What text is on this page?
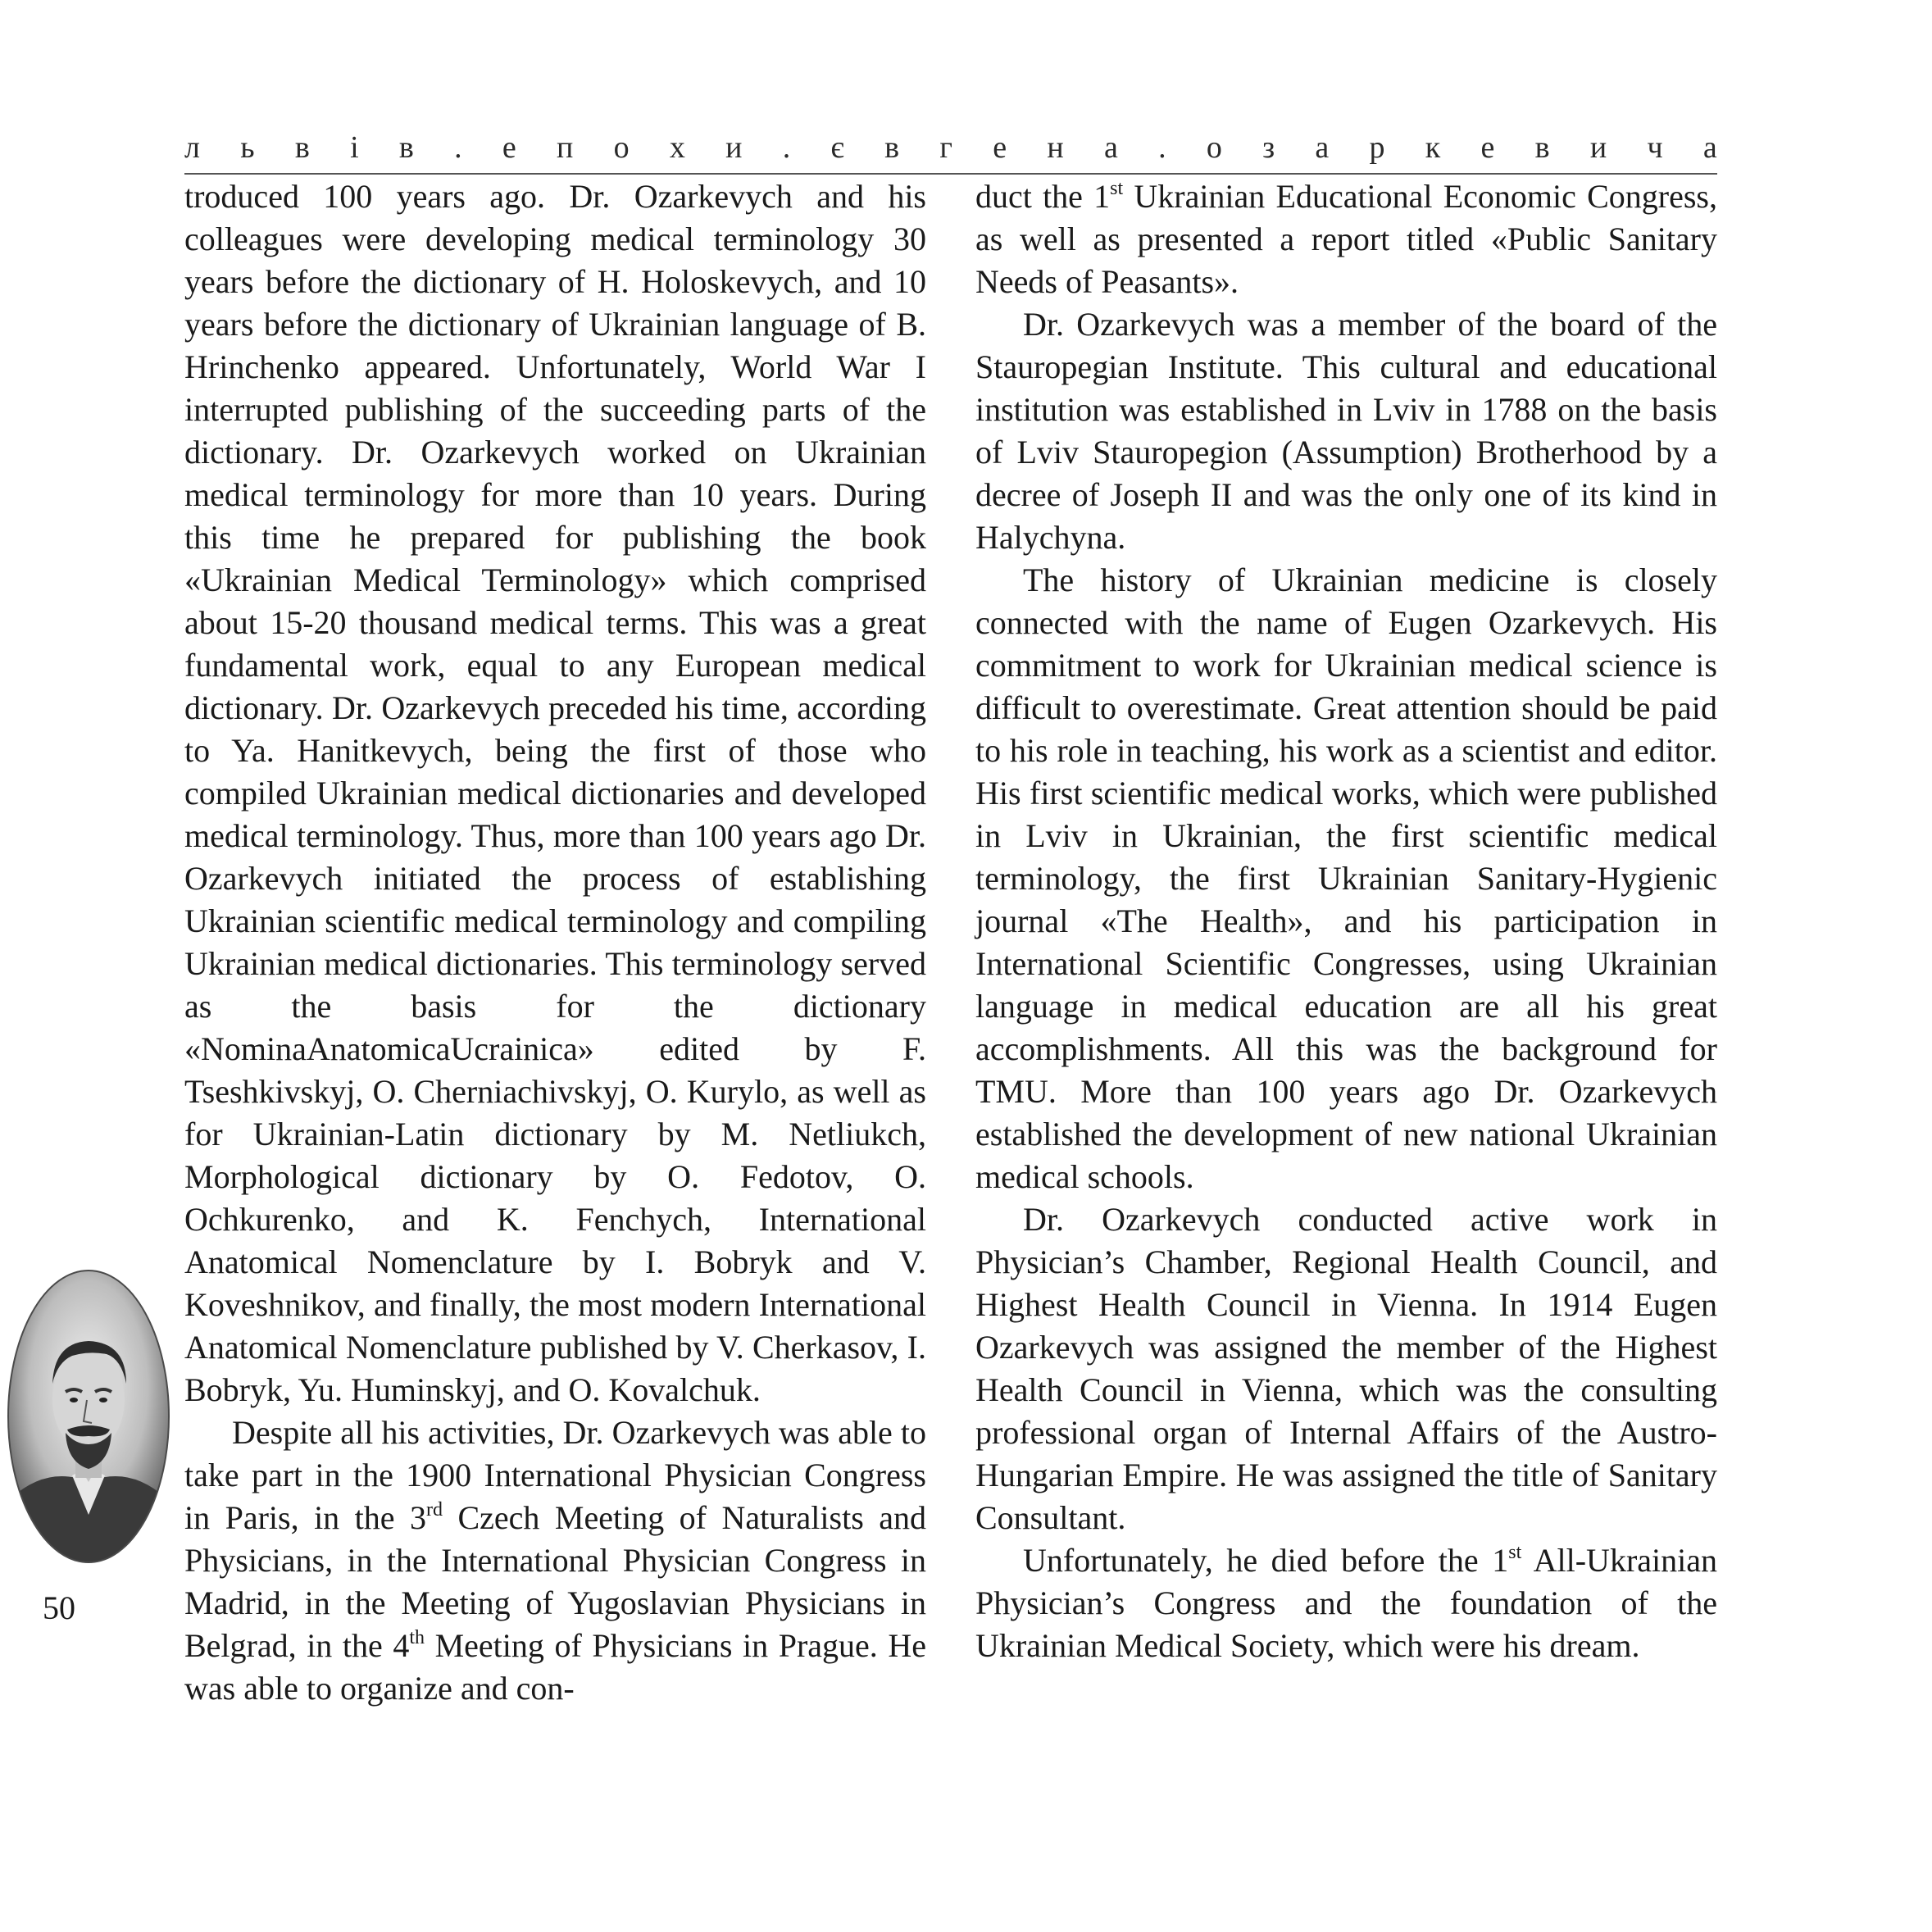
л ь в і в . е п о х и . є в г е н а . о з а р к е в и ч а

troduced 100 years ago. Dr. Ozarkevych and his colleagues were developing medical terminology 30 years before the dictionary of H. Holoskevych, and 10 years before the dictionary of Ukrainian language of B. Hrinchenko appeared. Unfortunately, World War I interrupted publishing of the succeeding parts of the dictionary. Dr. Ozarkevych worked on Ukrainian medical terminology for more than 10 years. During this time he prepared for publishing the book «Ukrainian Medical Terminology» which comprised about 15-20 thousand medical terms. This was a great fundamental work, equal to any European medical dictionary. Dr. Ozarkevych preceded his time, according to Ya. Hanitkevych, being the first of those who compiled Ukrainian medical dictionaries and developed medical terminology. Thus, more than 100 years ago Dr. Ozarkevych initiated the process of establishing Ukrainian scientific medical terminology and compiling Ukrainian medical dictionaries. This terminology served as the basis for the dictionary «NominaAnatomicaUcrainica» edited by F. Tseshkivskyj, O. Cherniachivskyj, O. Kurylo, as well as for Ukrainian-Latin dictionary by M. Netliukch, Morphological dictionary by O. Fedotov, O. Ochkurenko, and K. Fenchych, International Anatomical Nomenclature by I. Bobryk and V. Koveshnikov, and finally, the most modern International Anatomical Nomenclature published by V. Cherkasov, I. Bobryk, Yu. Huminskyj, and O. Kovalchuk.

Despite all his activities, Dr. Ozarkevych was able to take part in the 1900 International Physician Congress in Paris, in the 3rd Czech Meeting of Naturalists and Physicians, in the International Physician Congress in Madrid, in the Meeting of Yugoslavian Physicians in Belgrad, in the 4th Meeting of Physicians in Prague. He was able to organize and con-

duct the 1st Ukrainian Educational Economic Congress, as well as presented a report titled «Public Sanitary Needs of Peasants».

Dr. Ozarkevych was a member of the board of the Stauropegian Institute. This cultural and educational institution was established in Lviv in 1788 on the basis of Lviv Stauropegion (Assumption) Brotherhood by a decree of Joseph II and was the only one of its kind in Halychyna.

The history of Ukrainian medicine is closely connected with the name of Eugen Ozarkevych. His commitment to work for Ukrainian medical science is difficult to overestimate. Great attention should be paid to his role in teaching, his work as a scientist and editor. His first scientific medical works, which were published in Lviv in Ukrainian, the first scientific medical terminology, the first Ukrainian Sanitary-Hygienic journal «The Health», and his participation in International Scientific Congresses, using Ukrainian language in medical education are all his great accomplishments. All this was the background for TMU. More than 100 years ago Dr. Ozarkevych established the development of new national Ukrainian medical schools.

Dr. Ozarkevych conducted active work in Physician’s Chamber, Regional Health Council, and Highest Health Council in Vienna. In 1914 Eugen Ozarkevych was assigned the member of the Highest Health Council in Vienna, which was the consulting professional organ of Internal Affairs of the Austro-Hungarian Empire. He was assigned the title of Sanitary Consultant.

Unfortunately, he died before the 1st All-Ukrainian Physician’s Congress and the foundation of the Ukrainian Medical Society, which were his dream.

50
